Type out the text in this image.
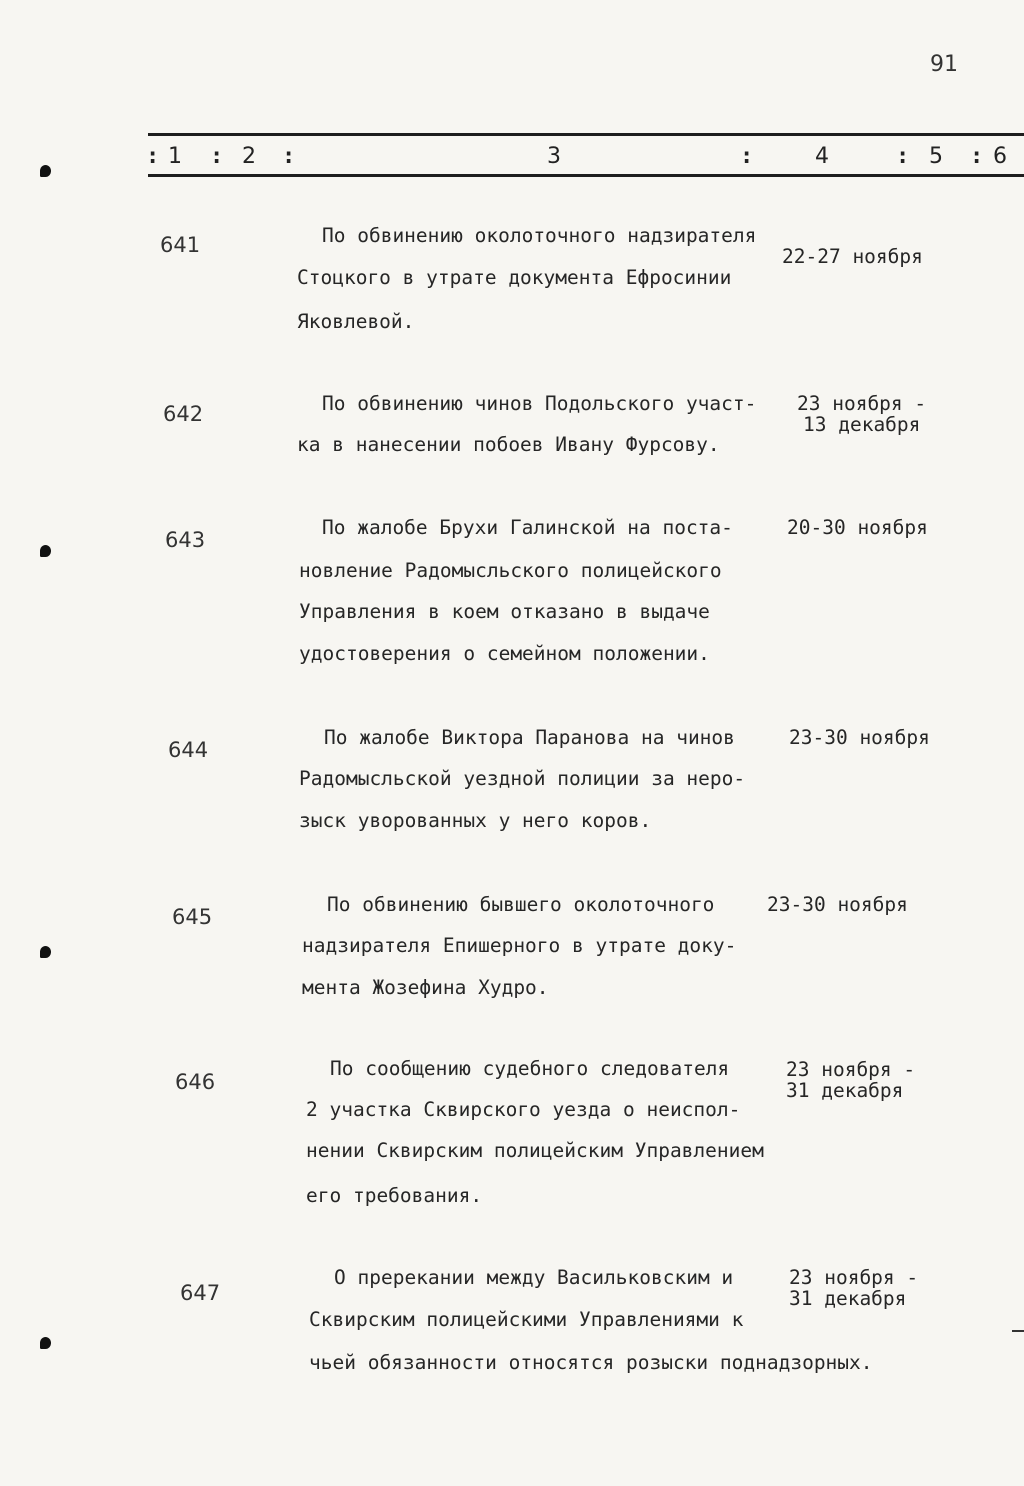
91
: 1 : 2 :	3	:	4	: 5 : 6
641	По обвинению околоточного надзирателя
Стоцкого в утрате документа Ефросинии
Яковлевой.
22-27 ноября
642	По обвинению чинов Подольского участ-
ка в нанесении побоев Ивану Фурсову.
23 ноября -
13 декабря
643
По жалобе Брухи Галинской на поста-
новление Радомысльского полицейского
Управления в коем отказано в выдаче
удостоверения о семейном положении.
20-30 ноября
644
По жалобе Виктора Паранова на чинов
Радомысльской уездной полиции за неро-
зыск уворованных у него коров.
23-30 ноября
645
По обвинению бывшего околоточного
надзирателя Епишерного в утрате доку-
мента Жозефина Худро.
23-30 ноября
646
По сообщению судебного следователя
2 участка Сквирского уезда о неиспол-
нении Сквирским полицейским Управлением
его требования.
23 ноября -
31 декабря
647
О пререкании между Васильковским и
Сквирским полицейскими Управлениями к
чьей обязанности относятся розыски поднадзорных.
23 ноября -
31 декабря
